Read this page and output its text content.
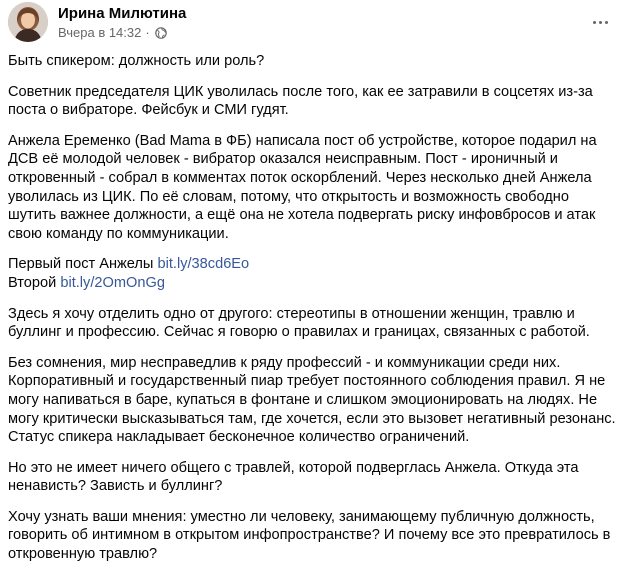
Ирина Милютина
Вчера в 14:32 ·

Быть спикером: должность или роль?

Советник председателя ЦИК уволилась после того, как ее затравили в соцсетях из-за поста о вибраторе. Фейсбук и СМИ гудят.

Анжела Еременко (Bad Mama в ФБ) написала пост об устройстве, которое подарил на ДСВ её молодой человек - вибратор оказался неисправным. Пост - ироничный и откровенный - собрал в комментах поток оскорблений. Через несколько дней Анжела уволилась из ЦИК. По её словам, потому, что открытость и возможность свободно шутить важнее должности, а ещё она не хотела подвергать риску инфовбросов и атак свою команду по коммуникации.

Первый пост Анжелы bit.ly/38cd6Eo
Второй bit.ly/2OmOnGg

Здесь я хочу отделить одно от другого: стереотипы в отношении женщин, травлю и буллинг и профессию. Сейчас я говорю о правилах и границах, связанных с работой.

Без сомнения, мир несправедлив к ряду профессий - и коммуникации среди них. Корпоративный и государственный пиар требует постоянного соблюдения правил. Я не могу напиваться в баре, купаться в фонтане и слишком эмоционировать на людях. Не могу критически высказываться там, где хочется, если это вызовет негативный резонанс. Статус спикера накладывает бесконечное количество ограничений.

Но это не имеет ничего общего с травлей, которой подверглась Анжела. Откуда эта ненависть? Зависть и буллинг?

Хочу узнать ваши мнения: уместно ли человеку, занимающему публичную должность, говорить об интимном в открытом инфопространстве? И почему все это превратилось в откровенную травлю?
